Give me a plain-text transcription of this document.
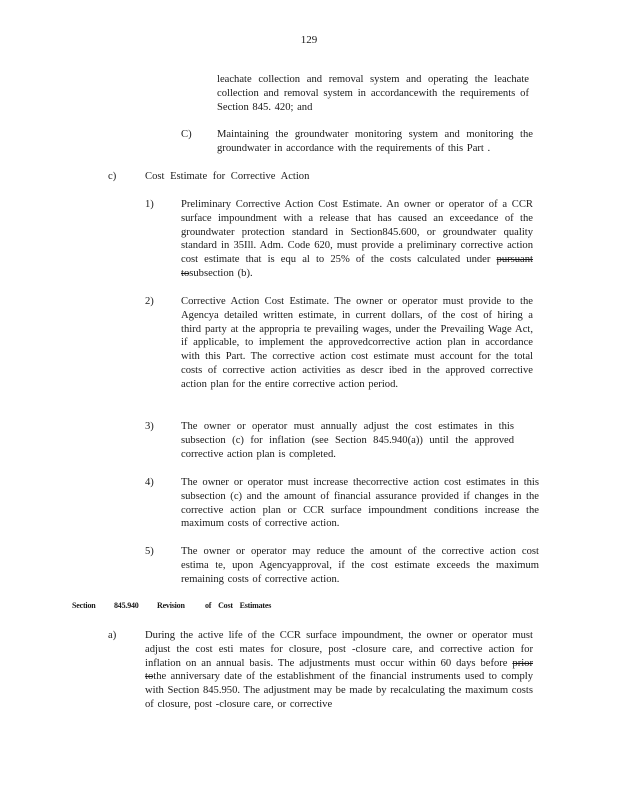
129

leachate collection and removal system and operating the leachate collection and removal system in accordancewith the requirements of Section 845. 420; and

C) Maintaining the groundwater monitoring system and monitoring the groundwater in accordance with the requirements of this Part .

c)	Cost Estimate for Corrective Action
1)	Preliminary Corrective Action Cost Estimate. An owner or operator of a CCR surface impoundment with a release that has caused an exceedance of the groundwater protection standard in Section845.600, or groundwater quality standard in 35Ill. Adm. Code 620, must provide a preliminary corrective action cost estimate that is equ al to 25% of the costs calculated under pursuant tosubsection (b).

2)	Corrective Action Cost Estimate. The owner or operator must provide to the Agencya detailed written estimate, in current dollars, of the cost of hiring a third party at the appropria te prevailing wages, under the Prevailing Wage Act, if applicable, to implement the approvedcorrective action plan in accordance with this Part. The corrective action cost estimate must account for the total costs of corrective action activities as descr ibed in the approved corrective action plan for the entire corrective action period.

3)	The owner or operator must annually adjust the cost estimates in this subsection (c) for inflation (see Section 845.940(a)) until the approved corrective action plan is completed.

4)	The owner or operator must increase thecorrective action cost estimates in this subsection (c) and the amount of financial assurance provided if changes in the corrective action plan or CCR surface impoundment conditions increase the maximum costs of corrective action.

5)	The owner or operator may reduce the amount of the corrective action cost estima te, upon Agencyapproval, if the cost estimate exceeds the maximum remaining costs of corrective action.

Section 845.940 Revision	of Cost Estimates
a)	During the active life of the CCR surface impoundment, the owner or operator must adjust the cost esti mates for closure, post -closure care, and corrective action for inflation on an annual basis. The adjustments must occur within 60 days before prior tothe anniversary date of the establishment of the financial instruments used to comply with Section 845.950. The adjustment may be made by recalculating the maximum costs of closure, post -closure care, or corrective
